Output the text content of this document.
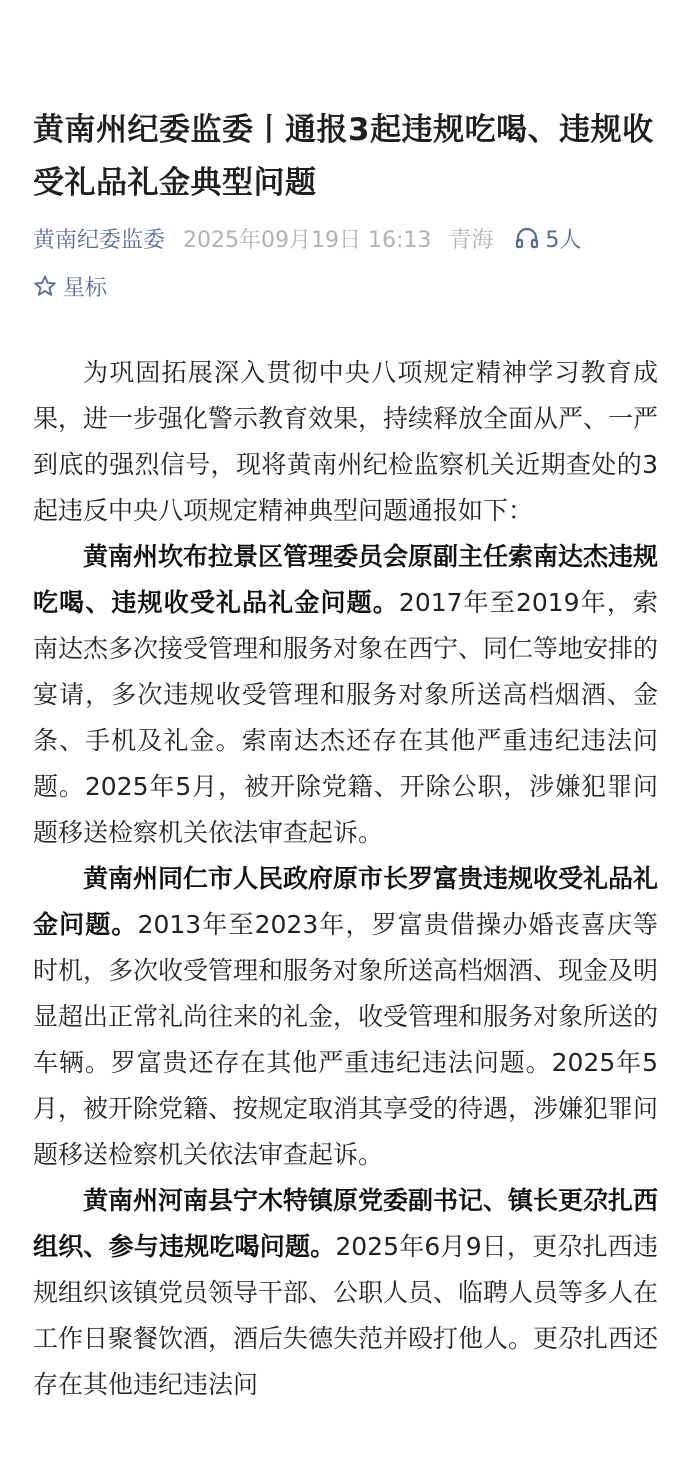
黄南州纪委监委丨通报3起违规吃喝、违规收受礼品礼金典型问题
黄南纪委监委 2025年09月19日 16:13 青海 5人
星标

为巩固拓展深入贯彻中央八项规定精神学习教育成果，进一步强化警示教育效果，持续释放全面从严、一严到底的强烈信号，现将黄南州纪检监察机关近期查处的3起违反中央八项规定精神典型问题通报如下：

黄南州坎布拉景区管理委员会原副主任索南达杰违规吃喝、违规收受礼品礼金问题。2017年至2019年，索南达杰多次接受管理和服务对象在西宁、同仁等地安排的宴请，多次违规收受管理和服务对象所送高档烟酒、金条、手机及礼金。索南达杰还存在其他严重违纪违法问题。2025年5月，被开除党籍、开除公职，涉嫌犯罪问题移送检察机关依法审查起诉。

黄南州同仁市人民政府原市长罗富贵违规收受礼品礼金问题。2013年至2023年，罗富贵借操办婚丧喜庆等时机，多次收受管理和服务对象所送高档烟酒、现金及明显超出正常礼尚往来的礼金，收受管理和服务对象所送的车辆。罗富贵还存在其他严重违纪违法问题。2025年5月，被开除党籍、按规定取消其享受的待遇，涉嫌犯罪问题移送检察机关依法审查起诉。

黄南州河南县宁木特镇原党委副书记、镇长更尕扎西组织、参与违规吃喝问题。2025年6月9日，更尕扎西违规组织该镇党员领导干部、公职人员、临聘人员等多人在工作日聚餐饮酒，酒后失德失范并殴打他人。更尕扎西还存在其他违纪违法问
